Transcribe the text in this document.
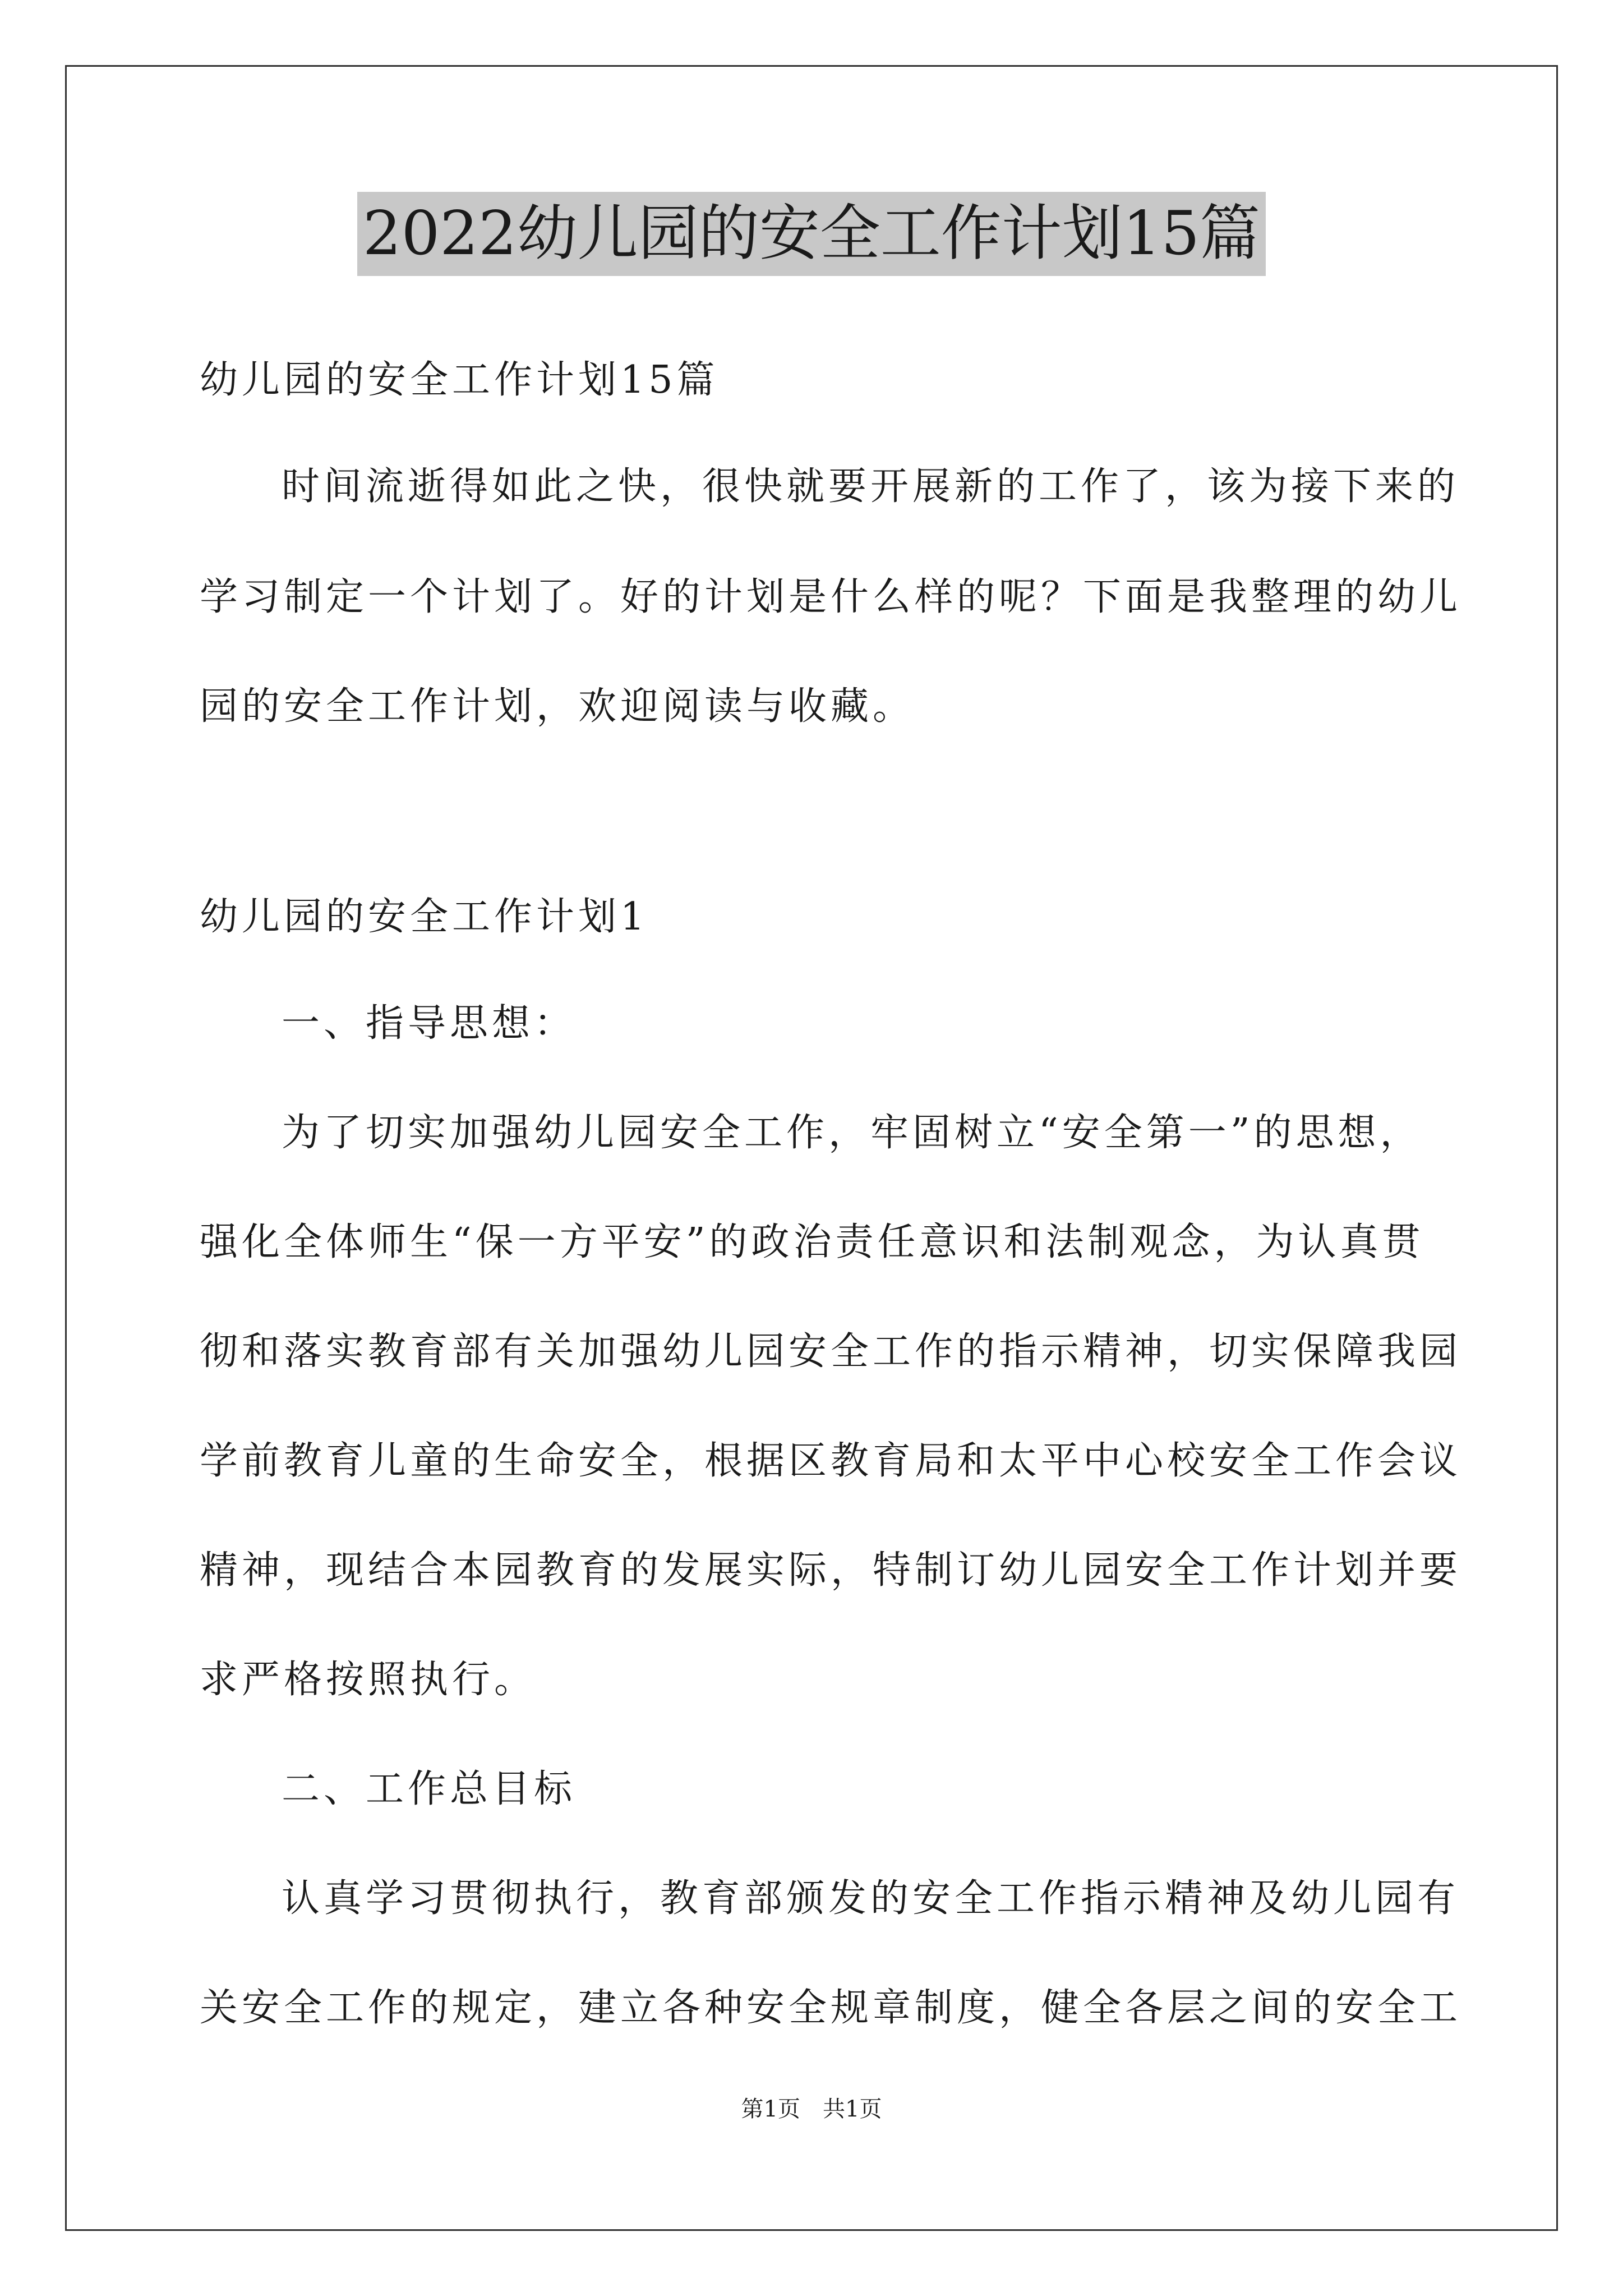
2022幼儿园的安全工作计划15篇
幼儿园的安全工作计划15篇
时间流逝得如此之快，很快就要开展新的工作了，该为接下来的
学习制定一个计划了。好的计划是什么样的呢？下面是我整理的幼儿
园的安全工作计划，欢迎阅读与收藏。
幼儿园的安全工作计划1
一、指导思想：
为了切实加强幼儿园安全工作，牢固树立“安全第一”的思想，
强化全体师生“保一方平安”的政治责任意识和法制观念，为认真贯
彻和落实教育部有关加强幼儿园安全工作的指示精神，切实保障我园
学前教育儿童的生命安全，根据区教育局和太平中心校安全工作会议
精神，现结合本园教育的发展实际，特制订幼儿园安全工作计划并要
求严格按照执行。
二、工作总目标
认真学习贯彻执行，教育部颁发的安全工作指示精神及幼儿园有
关安全工作的规定，建立各种安全规章制度，健全各层之间的安全工
第1页　共1页
